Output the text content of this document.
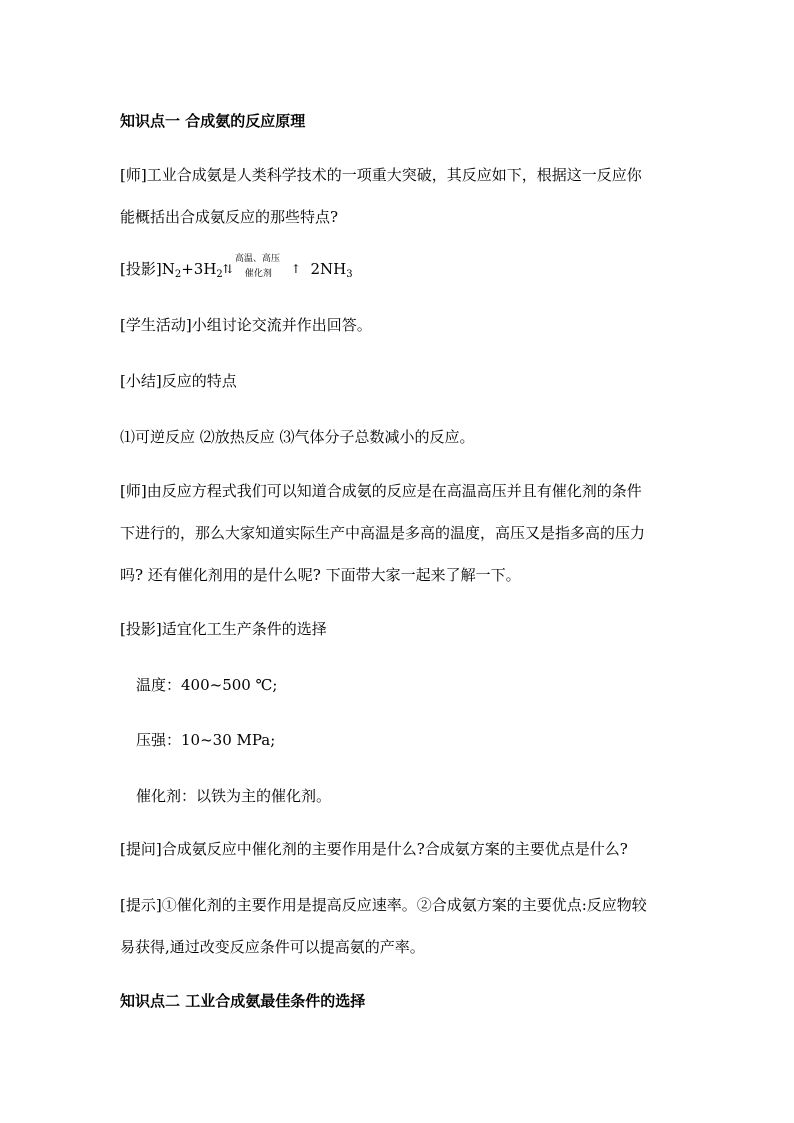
知识点一 合成氨的反应原理
[师]工业合成氨是人类科学技术的一项重大突破，其反应如下，根据这一反应你
能概括出合成氨反应的那些特点?
[投影]$N_2+3H_2⇅$
高温、高压
催化剂 ↑ $2NH_3$
[学生活动]小组讨论交流并作出回答。
[小结]反应的特点
⑴可逆反应 ⑵放热反应 ⑶气体分子总数减小的反应。
[师]由反应方程式我们可以知道合成氨的反应是在高温高压并且有催化剂的条件
下进行的，那么大家知道实际生产中高温是多高的温度，高压又是指多高的压力
吗? 还有催化剂用的是什么呢? 下面带大家一起来了解一下。
[投影]适宜化工生产条件的选择
温度：400~500 ℃;
压强：10~30 MPa;
催化剂：以铁为主的催化剂。
[提问]合成氨反应中催化剂的主要作用是什么?合成氨方案的主要优点是什么?
[提示]①催化剂的主要作用是提高反应速率。②合成氨方案的主要优点:反应物较
易获得,通过改变反应条件可以提高氨的产率。
知识点二 工业合成氨最佳条件的选择
